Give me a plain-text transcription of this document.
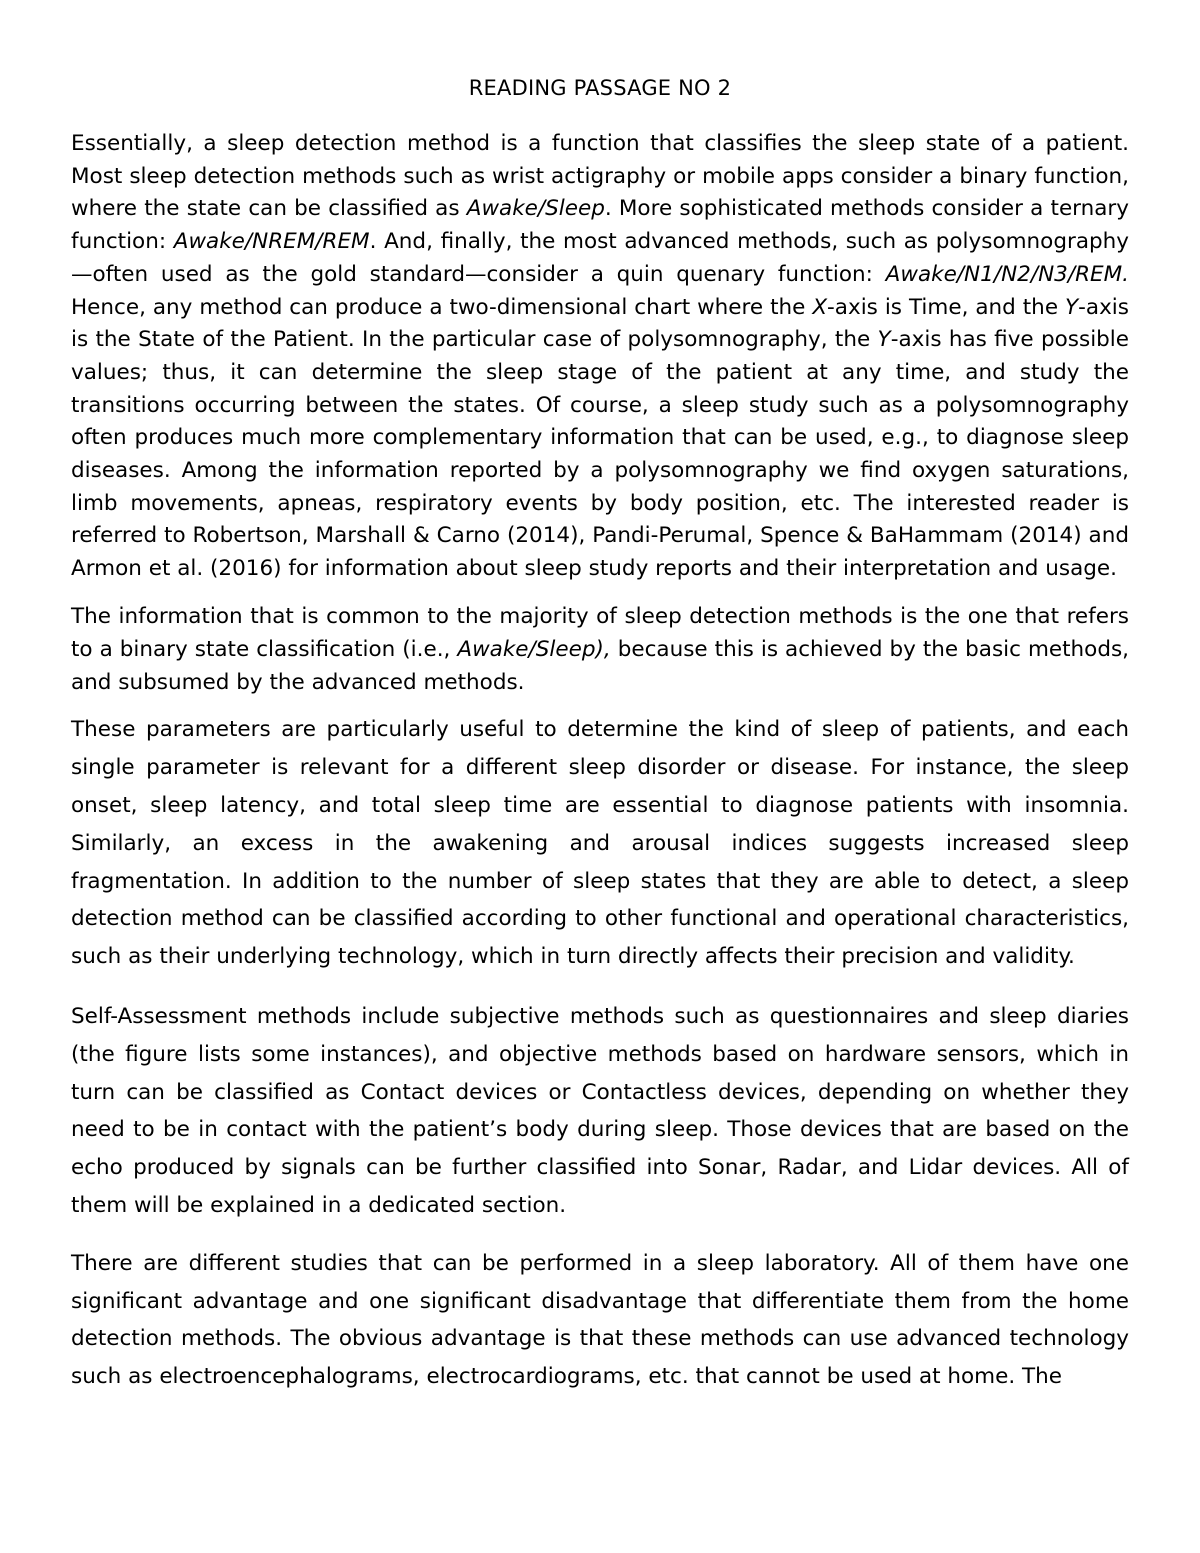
READING PASSAGE NO 2

Essentially, a sleep detection method is a function that classifies the sleep state of a patient. Most sleep detection methods such as wrist actigraphy or mobile apps consider a binary function, where the state can be classified as Awake/Sleep. More sophisticated methods consider a ternary function: Awake/NREM/REM. And, finally, the most advanced methods, such as polysomnography—often used as the gold standard—consider a quin quenary function: Awake/N1/N2/N3/REM. Hence, any method can produce a two-dimensional chart where the X-axis is Time, and the Y-axis is the State of the Patient. In the particular case of polysomnography, the Y-axis has five possible values; thus, it can determine the sleep stage of the patient at any time, and study the transitions occurring between the states. Of course, a sleep study such as a polysomnography often produces much more complementary information that can be used, e.g., to diagnose sleep diseases. Among the information reported by a polysomnography we find oxygen saturations, limb movements, apneas, respiratory events by body position, etc. The interested reader is referred to Robertson, Marshall & Carno (2014), Pandi-Perumal, Spence & BaHammam (2014) and Armon et al. (2016) for information about sleep study reports and their interpretation and usage.

The information that is common to the majority of sleep detection methods is the one that refers to a binary state classification (i.e., Awake/Sleep), because this is achieved by the basic methods, and subsumed by the advanced methods.

These parameters are particularly useful to determine the kind of sleep of patients, and each single parameter is relevant for a different sleep disorder or disease. For instance, the sleep onset, sleep latency, and total sleep time are essential to diagnose patients with insomnia. Similarly, an excess in the awakening and arousal indices suggests increased sleep fragmentation. In addition to the number of sleep states that they are able to detect, a sleep detection method can be classified according to other functional and operational characteristics, such as their underlying technology, which in turn directly affects their precision and validity.

Self-Assessment methods include subjective methods such as questionnaires and sleep diaries (the figure lists some instances), and objective methods based on hardware sensors, which in turn can be classified as Contact devices or Contactless devices, depending on whether they need to be in contact with the patient’s body during sleep. Those devices that are based on the echo produced by signals can be further classified into Sonar, Radar, and Lidar devices. All of them will be explained in a dedicated section.

There are different studies that can be performed in a sleep laboratory. All of them have one significant advantage and one significant disadvantage that differentiate them from the home detection methods. The obvious advantage is that these methods can use advanced technology such as electroencephalograms, electrocardiograms, etc. that cannot be used at home. The
